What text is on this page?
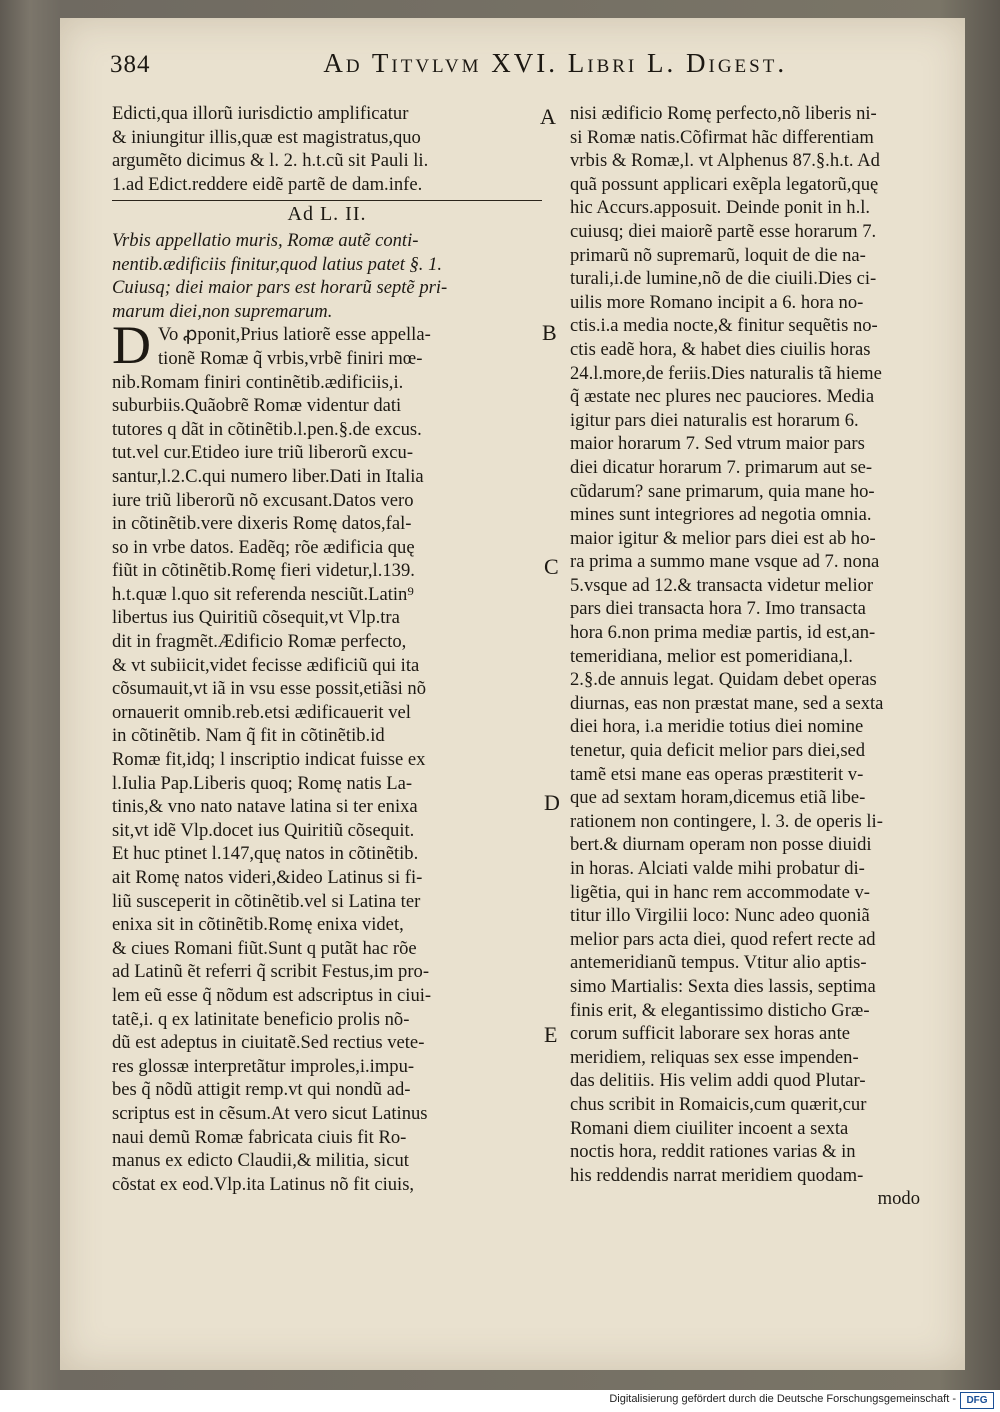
384	Ad Titvlvm XVI. Libri L. Digest.
Edicti,qua illorũ iurisdictio amplificatur
& iniungitur illis,quæ est magistratus,quo
argumẽto dicimus & l. 2. h.t.cũ sit Pauli li.
1.ad Edict.reddere eidẽ partẽ de dam.infe.
Ad L. II.
Vrbis appellatio muris, Romæ autẽ conti-
nentib.ædificiis finitur,quod latius patet §. 1.
Cuiusq; diei maior pars est horarũ septẽ pri-
marum diei,non supremarum.
D Vo ꝓponit,Prius latiorẽ esse appella-
tionẽ Romæ q̃ vrbis,vrbẽ finiri mœ-
nib.Romam finiri continẽtib.ædificiis,i.
suburbiis.Quãobrẽ Romæ videntur dati
tutores q dãt in cõtinẽtib.l.pen.§.de excus.
tut.vel cur.Etideo iure triũ liberorũ excu-
santur,l.2.C.qui numero liber.Dati in Italia
iure triũ liberorũ nõ excusant.Datos vero
in cõtinẽtib.vere dixeris Romę datos,fal-
so in vrbe datos. Eadẽq; rõe ædificia quę
fiũt in cõtinẽtib.Romę fieri videtur,l.139.
h.t.quæ l.quo sit referenda nesciũt.Latin⁹
libertus ius Quiritiũ cõsequit,vt Vlp.tra
dit in fragmẽt.Ædificio Romæ perfecto,
& vt subiicit,videt fecisse ædificiũ qui ita
cõsumauit,vt iã in vsu esse possit,etiãsi nõ
ornauerit omnib.reb.etsi ædificauerit vel
in cõtinẽtib. Nam q̃ fit in cõtinẽtib.id
Romæ fit,idq; l inscriptio indicat fuisse ex
l.Iulia Pap.Liberis quoq; Romę natis La-
tinis,& vno nato natave latina si ter enixa
sit,vt idẽ Vlp.docet ius Quiritiũ cõsequit.
Et huc ptinet l.147,quę natos in cõtinẽtib.
ait Romę natos videri,&ideo Latinus si fi-
liũ susceperit in cõtinẽtib.vel si Latina ter
enixa sit in cõtinẽtib.Romę enixa videt,
& ciues Romani fiũt.Sunt q putãt hac rõe
ad Latinũ ẽt referri q̃ scribit Festus,im pro-
lem eũ esse q̃ nõdum est adscriptus in ciui-
tatẽ,i. q ex latinitate beneficio prolis nõ-
dũ est adeptus in ciuitatẽ.Sed rectius vete-
res glossæ interpretãtur improles,i.impu-
bes q̃ nõdũ attigit remp.vt qui nondũ ad-
scriptus est in cẽsum.At vero sicut Latinus
naui demũ Romæ fabricata ciuis fit Ro-
manus ex edicto Claudii,& militia, sicut
cõstat ex eod.Vlp.ita Latinus nõ fit ciuis,
nisi ædificio Romę perfecto,nõ liberis ni-
si Romæ natis.Cõfirmat hãc differentiam
vrbis & Romæ,l. vt Alphenus 87.§.h.t. Ad
quã possunt applicari exẽpla legatorũ,quę
hic Accurs.apposuit. Deinde ponit in h.l.
cuiusq; diei maiorẽ partẽ esse horarum 7.
primarũ nõ supremarũ, loquit de die na-
turali,i.de lumine,nõ de die ciuili.Dies ci-
uilis more Romano incipit a 6. hora no-
ctis.i.a media nocte,& finitur sequẽtis no-
ctis eadẽ hora, & habet dies ciuilis horas
24.l.more,de feriis.Dies naturalis tã hieme
q̃ æstate nec plures nec pauciores. Media
igitur pars diei naturalis est horarum 6.
maior horarum 7. Sed vtrum maior pars
diei dicatur horarum 7. primarum aut se-
cũdarum? sane primarum, quia mane ho-
mines sunt integriores ad negotia omnia.
maior igitur & melior pars diei est ab ho-
ra prima a summo mane vsque ad 7. nona
5.vsque ad 12.& transacta videtur melior
pars diei transacta hora 7. Imo transacta
hora 6.non prima mediæ partis, id est,an-
temeridiana, melior est pomeridiana,l.
2.§.de annuis legat. Quidam debet operas
diurnas, eas non præstat mane, sed a sexta
diei hora, i.a meridie totius diei nomine
tenetur, quia deficit melior pars diei,sed
tamẽ etsi mane eas operas præstiterit v-
que ad sextam horam,dicemus etiã libe-
rationem non contingere, l. 3. de operis li-
bert.& diurnam operam non posse diuidi
in horas. Alciati valde mihi probatur di-
ligẽtia, qui in hanc rem accommodate v-
titur illo Virgilii loco: Nunc adeo quoniã
melior pars acta diei, quod refert recte ad
antemeridianũ tempus. Vtitur alio aptis-
simo Martialis: Sexta dies lassis, septima
finis erit, & elegantissimo disticho Græ-
corum sufficit laborare sex horas ante
meridiem, reliquas sex esse impenden-
das delitiis. His velim addi quod Plutar-
chus scribit in Romaicis,cum quærit,cur
Romani diem ciuiliter incoent a sexta
noctis hora, reddit rationes varias & in
his reddendis narrat meridiem quodam-
modo
A
B
C
D
E
Digitalisierung gefördert durch die Deutsche Forschungsgemeinschaft -	DFG
